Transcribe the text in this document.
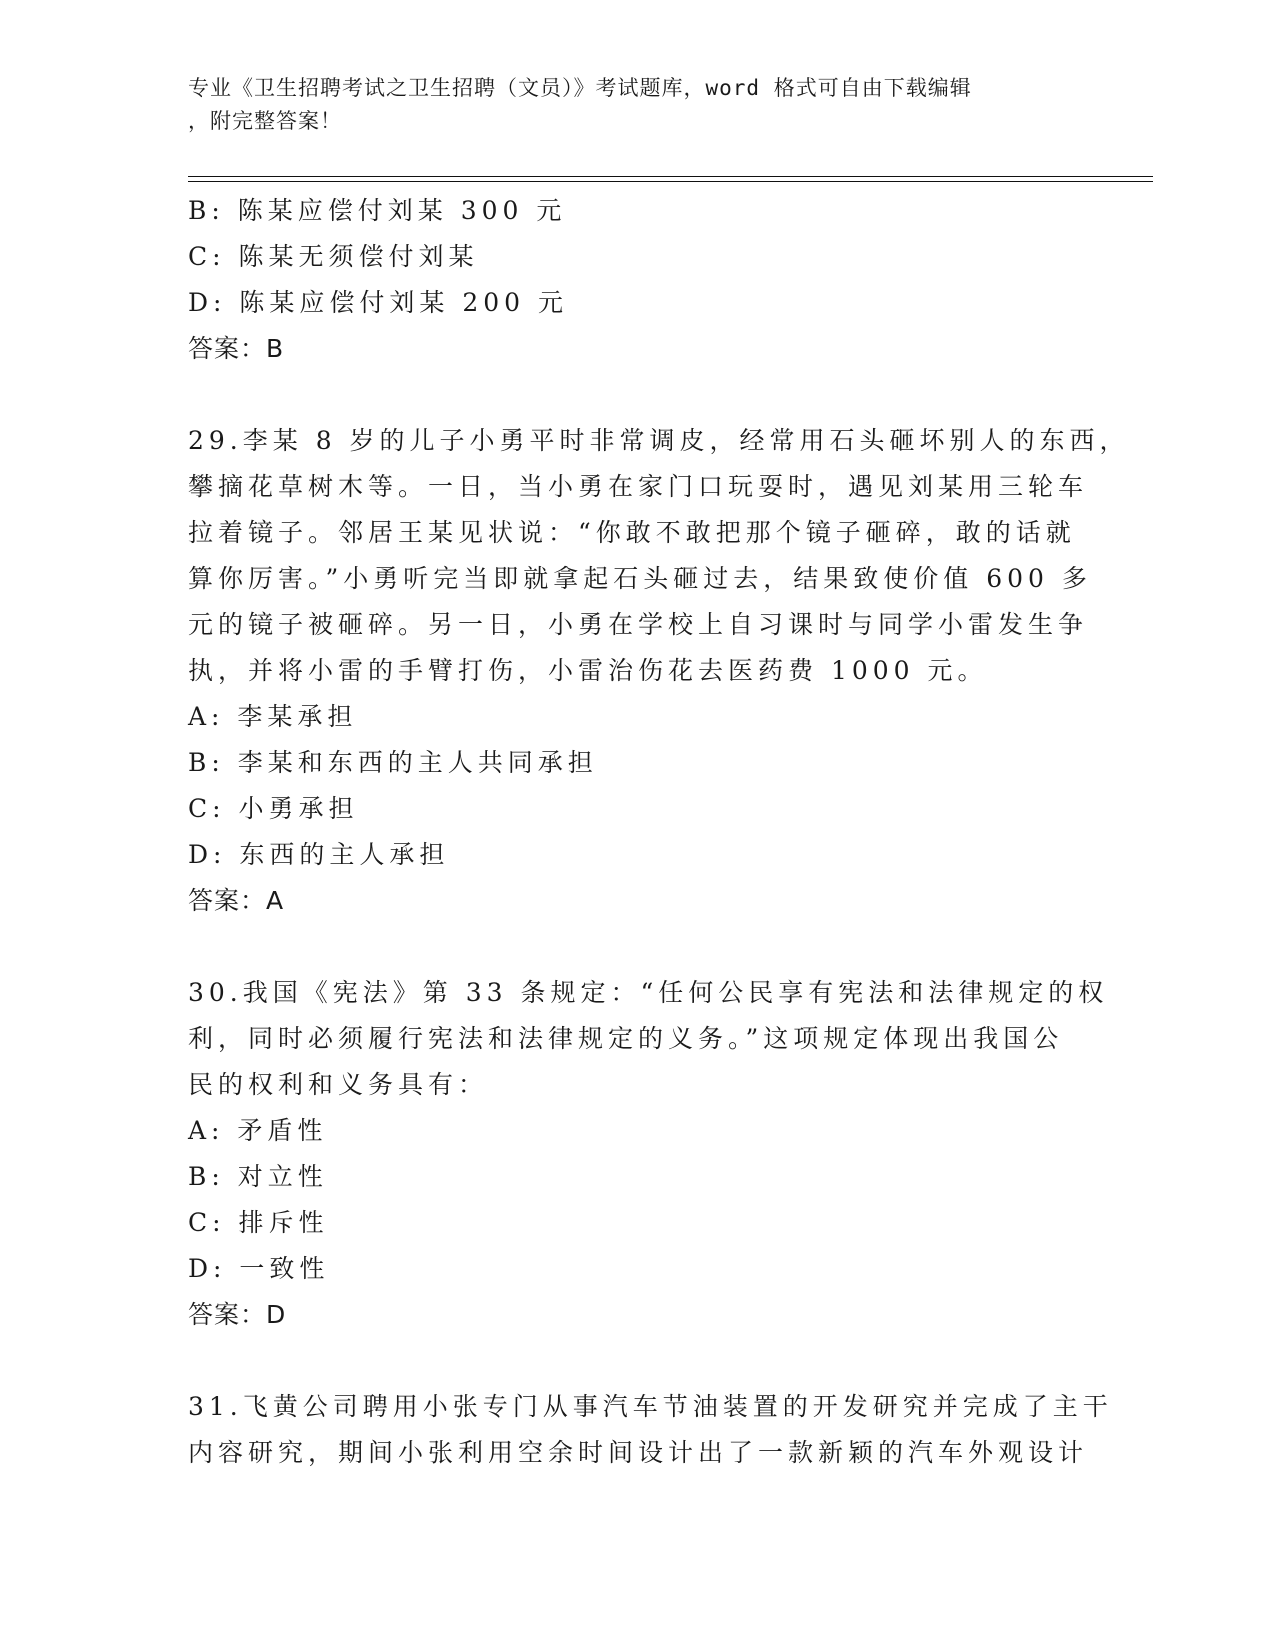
专业《卫生招聘考试之卫生招聘（文员）》考试题库，word 格式可自由下载编辑
，附完整答案！
B: 陈某应偿付刘某 300 元
C: 陈某无须偿付刘某
D: 陈某应偿付刘某 200 元
答案：B
29.李某 8 岁的儿子小勇平时非常调皮，经常用石头砸坏别人的东西，
攀摘花草树木等。一日，当小勇在家门口玩耍时，遇见刘某用三轮车
拉着镜子。邻居王某见状说：“你敢不敢把那个镜子砸碎，敢的话就
算你厉害。”小勇听完当即就拿起石头砸过去，结果致使价值 600 多
元的镜子被砸碎。另一日，小勇在学校上自习课时与同学小雷发生争
执，并将小雷的手臂打伤，小雷治伤花去医药费 1000 元。
A: 李某承担
B: 李某和东西的主人共同承担
C: 小勇承担
D: 东西的主人承担
答案：A
30.我国《宪法》第 33 条规定：“任何公民享有宪法和法律规定的权
利，同时必须履行宪法和法律规定的义务。”这项规定体现出我国公
民的权利和义务具有：
A: 矛盾性
B: 对立性
C: 排斥性
D: 一致性
答案：D
31.飞黄公司聘用小张专门从事汽车节油装置的开发研究并完成了主干
内容研究，期间小张利用空余时间设计出了一款新颖的汽车外观设计
